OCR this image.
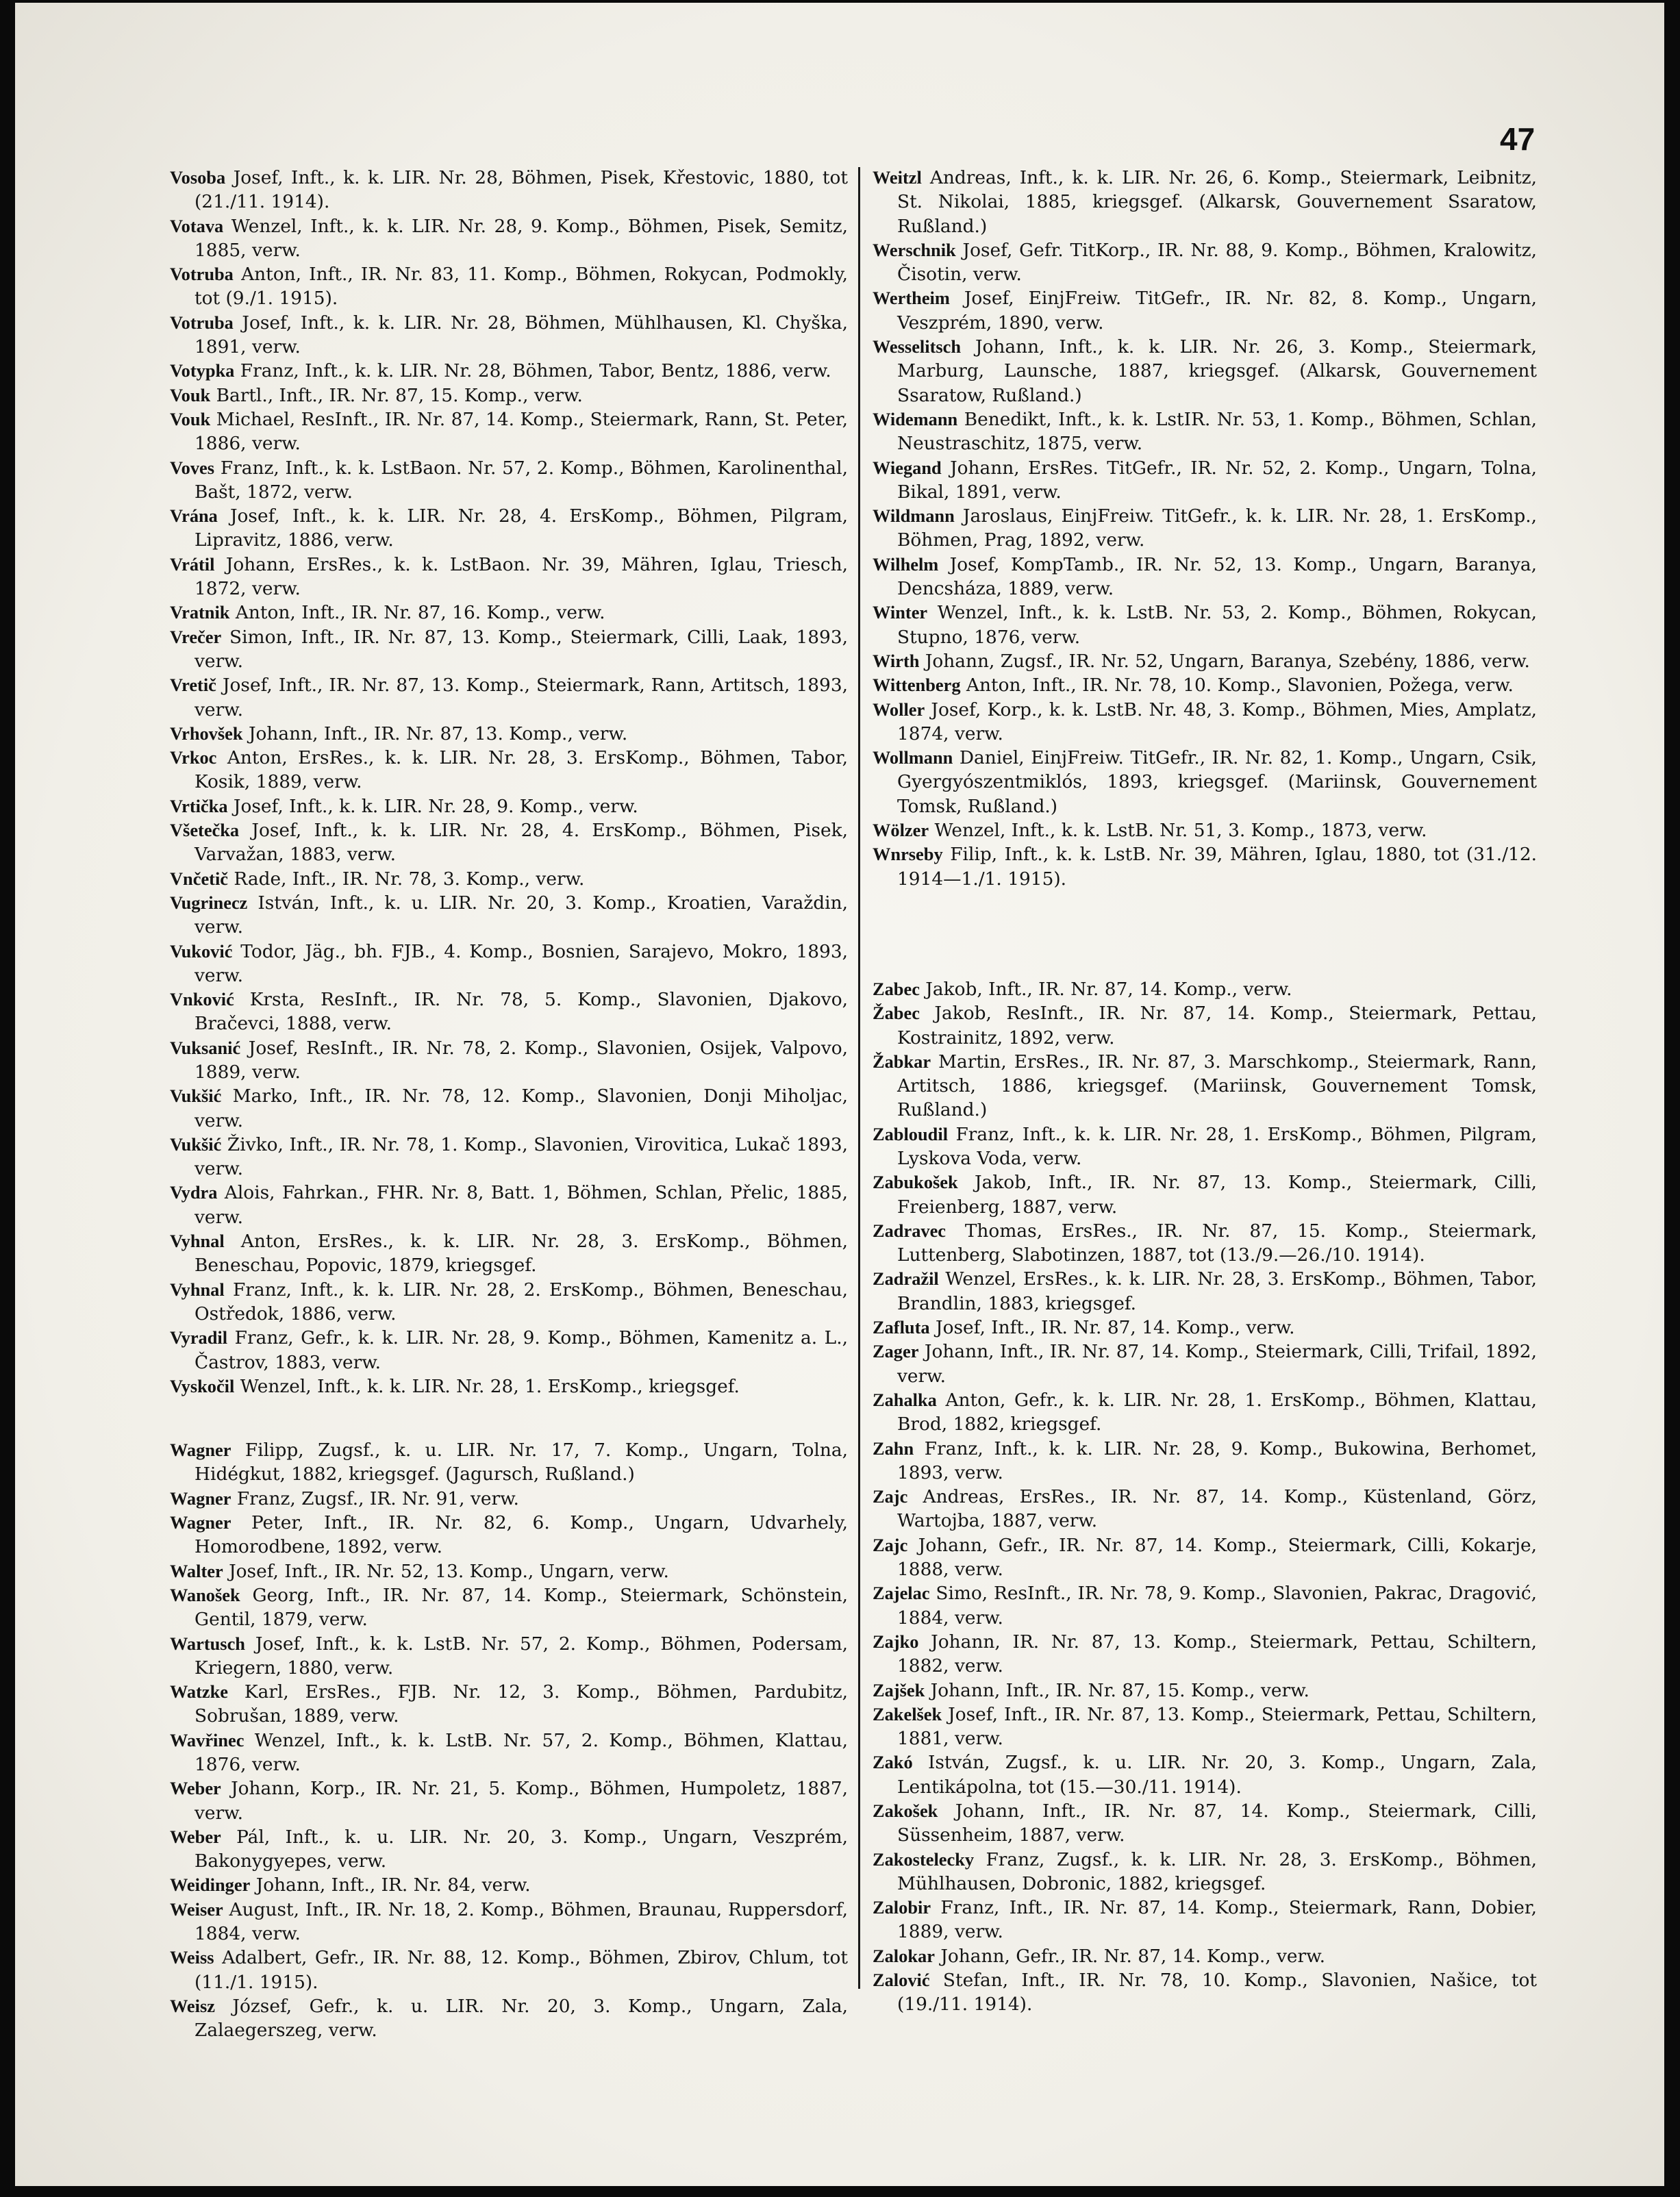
47

Vosoba Josef, Inft., k. k. LIR. Nr. 28, Böhmen, Pisek, Křestovic, 1880, tot (21./11. 1914).

Votava Wenzel, Inft., k. k. LIR. Nr. 28, 9. Komp., Böhmen, Pisek, Semitz, 1885, verw.

Votruba Anton, Inft., IR. Nr. 83, 11. Komp., Böhmen, Rokycan, Podmokly, tot (9./1. 1915).

Votruba Josef, Inft., k. k. LIR. Nr. 28, Böhmen, Mühlhausen, Kl. Chyška, 1891, verw.

Votypka Franz, Inft., k. k. LIR. Nr. 28, Böhmen, Tabor, Bentz, 1886, verw.

Vouk Bartl., Inft., IR. Nr. 87, 15. Komp., verw.

Vouk Michael, ResInft., IR. Nr. 87, 14. Komp., Steiermark, Rann, St. Peter, 1886, verw.

Voves Franz, Inft., k. k. LstBaon. Nr. 57, 2. Komp., Böhmen, Karolinenthal, Bašt, 1872, verw.

Vrána Josef, Inft., k. k. LIR. Nr. 28, 4. ErsKomp., Böhmen, Pilgram, Lipravitz, 1886, verw.

Vrátil Johann, ErsRes., k. k. LstBaon. Nr. 39, Mähren, Iglau, Triesch, 1872, verw.

Vratnik Anton, Inft., IR. Nr. 87, 16. Komp., verw.

Vrečer Simon, Inft., IR. Nr. 87, 13. Komp., Steiermark, Cilli, Laak, 1893, verw.

Vretič Josef, Inft., IR. Nr. 87, 13. Komp., Steiermark, Rann, Artitsch, 1893, verw.

Vrhovšek Johann, Inft., IR. Nr. 87, 13. Komp., verw.

Vrkoc Anton, ErsRes., k. k. LIR. Nr. 28, 3. ErsKomp., Böhmen, Tabor, Kosik, 1889, verw.

Vrtička Josef, Inft., k. k. LIR. Nr. 28, 9. Komp., verw.

Všetečka Josef, Inft., k. k. LIR. Nr. 28, 4. ErsKomp., Böhmen, Pisek, Varvažan, 1883, verw.

Vnčetič Rade, Inft., IR. Nr. 78, 3. Komp., verw.

Vugrinecz István, Inft., k. u. LIR. Nr. 20, 3. Komp., Kroatien, Varaždin, verw.

Vuković Todor, Jäg., bh. FJB., 4. Komp., Bosnien, Sarajevo, Mokro, 1893, verw.

Vnković Krsta, ResInft., IR. Nr. 78, 5. Komp., Slavonien, Djakovo, Bračevci, 1888, verw.

Vuksanić Josef, ResInft., IR. Nr. 78, 2. Komp., Slavonien, Osijek, Valpovo, 1889, verw.

Vukšić Marko, Inft., IR. Nr. 78, 12. Komp., Slavonien, Donji Miholjac, verw.

Vukšić Živko, Inft., IR. Nr. 78, 1. Komp., Slavonien, Virovitica, Lukač 1893, verw.

Vydra Alois, Fahrkan., FHR. Nr. 8, Batt. 1, Böhmen, Schlan, Přelic, 1885, verw.

Vyhnal Anton, ErsRes., k. k. LIR. Nr. 28, 3. ErsKomp., Böhmen, Beneschau, Popovic, 1879, kriegsgef.

Vyhnal Franz, Inft., k. k. LIR. Nr. 28, 2. ErsKomp., Böhmen, Beneschau, Ostředok, 1886, verw.

Vyradil Franz, Gefr., k. k. LIR. Nr. 28, 9. Komp., Böhmen, Kamenitz a. L., Častrov, 1883, verw.

Vyskočil Wenzel, Inft., k. k. LIR. Nr. 28, 1. ErsKomp., kriegsgef.

Wagner Filipp, Zugsf., k. u. LIR. Nr. 17, 7. Komp., Ungarn, Tolna, Hidégkut, 1882, kriegsgef. (Jagursch, Rußland.)

Wagner Franz, Zugsf., IR. Nr. 91, verw.

Wagner Peter, Inft., IR. Nr. 82, 6. Komp., Ungarn, Udvarhely, Homorodbene, 1892, verw.

Walter Josef, Inft., IR. Nr. 52, 13. Komp., Ungarn, verw.

Wanošek Georg, Inft., IR. Nr. 87, 14. Komp., Steiermark, Schönstein, Gentil, 1879, verw.

Wartusch Josef, Inft., k. k. LstB. Nr. 57, 2. Komp., Böhmen, Podersam, Kriegern, 1880, verw.

Watzke Karl, ErsRes., FJB. Nr. 12, 3. Komp., Böhmen, Pardubitz, Sobrušan, 1889, verw.

Wavřinec Wenzel, Inft., k. k. LstB. Nr. 57, 2. Komp., Böhmen, Klattau, 1876, verw.

Weber Johann, Korp., IR. Nr. 21, 5. Komp., Böhmen, Humpoletz, 1887, verw.

Weber Pál, Inft., k. u. LIR. Nr. 20, 3. Komp., Ungarn, Veszprém, Bakonygyepes, verw.

Weidinger Johann, Inft., IR. Nr. 84, verw.

Weiser August, Inft., IR. Nr. 18, 2. Komp., Böhmen, Braunau, Ruppersdorf, 1884, verw.

Weiss Adalbert, Gefr., IR. Nr. 88, 12. Komp., Böhmen, Zbirov, Chlum, tot (11./1. 1915).

Weisz József, Gefr., k. u. LIR. Nr. 20, 3. Komp., Ungarn, Zala, Zalaegerszeg, verw.

Weitzl Andreas, Inft., k. k. LIR. Nr. 26, 6. Komp., Steiermark, Leibnitz, St. Nikolai, 1885, kriegsgef. (Alkarsk, Gouvernement Ssaratow, Rußland.)

Werschnik Josef, Gefr. TitKorp., IR. Nr. 88, 9. Komp., Böhmen, Kralowitz, Čisotin, verw.

Wertheim Josef, EinjFreiw. TitGefr., IR. Nr. 82, 8. Komp., Ungarn, Veszprém, 1890, verw.

Wesselitsch Johann, Inft., k. k. LIR. Nr. 26, 3. Komp., Steiermark, Marburg, Launsche, 1887, kriegsgef. (Alkarsk, Gouvernement Ssaratow, Rußland.)

Widemann Benedikt, Inft., k. k. LstIR. Nr. 53, 1. Komp., Böhmen, Schlan, Neustraschitz, 1875, verw.

Wiegand Johann, ErsRes. TitGefr., IR. Nr. 52, 2. Komp., Ungarn, Tolna, Bikal, 1891, verw.

Wildmann Jaroslaus, EinjFreiw. TitGefr., k. k. LIR. Nr. 28, 1. ErsKomp., Böhmen, Prag, 1892, verw.

Wilhelm Josef, KompTamb., IR. Nr. 52, 13. Komp., Ungarn, Baranya, Dencsháza, 1889, verw.

Winter Wenzel, Inft., k. k. LstB. Nr. 53, 2. Komp., Böhmen, Rokycan, Stupno, 1876, verw.

Wirth Johann, Zugsf., IR. Nr. 52, Ungarn, Baranya, Szebény, 1886, verw.

Wittenberg Anton, Inft., IR. Nr. 78, 10. Komp., Slavonien, Požega, verw.

Woller Josef, Korp., k. k. LstB. Nr. 48, 3. Komp., Böhmen, Mies, Amplatz, 1874, verw.

Wollmann Daniel, EinjFreiw. TitGefr., IR. Nr. 82, 1. Komp., Ungarn, Csik, Gyergyószentmiklós, 1893, kriegsgef. (Mariinsk, Gouvernement Tomsk, Rußland.)

Wölzer Wenzel, Inft., k. k. LstB. Nr. 51, 3. Komp., 1873, verw.

Wnrseby Filip, Inft., k. k. LstB. Nr. 39, Mähren, Iglau, 1880, tot (31./12. 1914—1./1. 1915).

Zabec Jakob, Inft., IR. Nr. 87, 14. Komp., verw.

Žabec Jakob, ResInft., IR. Nr. 87, 14. Komp., Steiermark, Pettau, Kostrainitz, 1892, verw.

Žabkar Martin, ErsRes., IR. Nr. 87, 3. Marschkomp., Steiermark, Rann, Artitsch, 1886, kriegsgef. (Mariinsk, Gouvernement Tomsk, Rußland.)

Zabloudil Franz, Inft., k. k. LIR. Nr. 28, 1. ErsKomp., Böhmen, Pilgram, Lyskova Voda, verw.

Zabukošek Jakob, Inft., IR. Nr. 87, 13. Komp., Steiermark, Cilli, Freienberg, 1887, verw.

Zadravec Thomas, ErsRes., IR. Nr. 87, 15. Komp., Steiermark, Luttenberg, Slabotinzen, 1887, tot (13./9.—26./10. 1914).

Zadražil Wenzel, ErsRes., k. k. LIR. Nr. 28, 3. ErsKomp., Böhmen, Tabor, Brandlin, 1883, kriegsgef.

Zafluta Josef, Inft., IR. Nr. 87, 14. Komp., verw.

Zager Johann, Inft., IR. Nr. 87, 14. Komp., Steiermark, Cilli, Trifail, 1892, verw.

Zahalka Anton, Gefr., k. k. LIR. Nr. 28, 1. ErsKomp., Böhmen, Klattau, Brod, 1882, kriegsgef.

Zahn Franz, Inft., k. k. LIR. Nr. 28, 9. Komp., Bukowina, Berhomet, 1893, verw.

Zajc Andreas, ErsRes., IR. Nr. 87, 14. Komp., Küstenland, Görz, Wartojba, 1887, verw.

Zajc Johann, Gefr., IR. Nr. 87, 14. Komp., Steiermark, Cilli, Kokarje, 1888, verw.

Zajelac Simo, ResInft., IR. Nr. 78, 9. Komp., Slavonien, Pakrac, Dragović, 1884, verw.

Zajko Johann, IR. Nr. 87, 13. Komp., Steiermark, Pettau, Schiltern, 1882, verw.

Zajšek Johann, Inft., IR. Nr. 87, 15. Komp., verw.

Zakelšek Josef, Inft., IR. Nr. 87, 13. Komp., Steiermark, Pettau, Schiltern, 1881, verw.

Zakó István, Zugsf., k. u. LIR. Nr. 20, 3. Komp., Ungarn, Zala, Lentikápolna, tot (15.—30./11. 1914).

Zakošek Johann, Inft., IR. Nr. 87, 14. Komp., Steiermark, Cilli, Süssenheim, 1887, verw.

Zakostelecky Franz, Zugsf., k. k. LIR. Nr. 28, 3. ErsKomp., Böhmen, Mühlhausen, Dobronic, 1882, kriegsgef.

Zalobir Franz, Inft., IR. Nr. 87, 14. Komp., Steiermark, Rann, Dobier, 1889, verw.

Zalokar Johann, Gefr., IR. Nr. 87, 14. Komp., verw.

Zalović Stefan, Inft., IR. Nr. 78, 10. Komp., Slavonien, Našice, tot (19./11. 1914).
